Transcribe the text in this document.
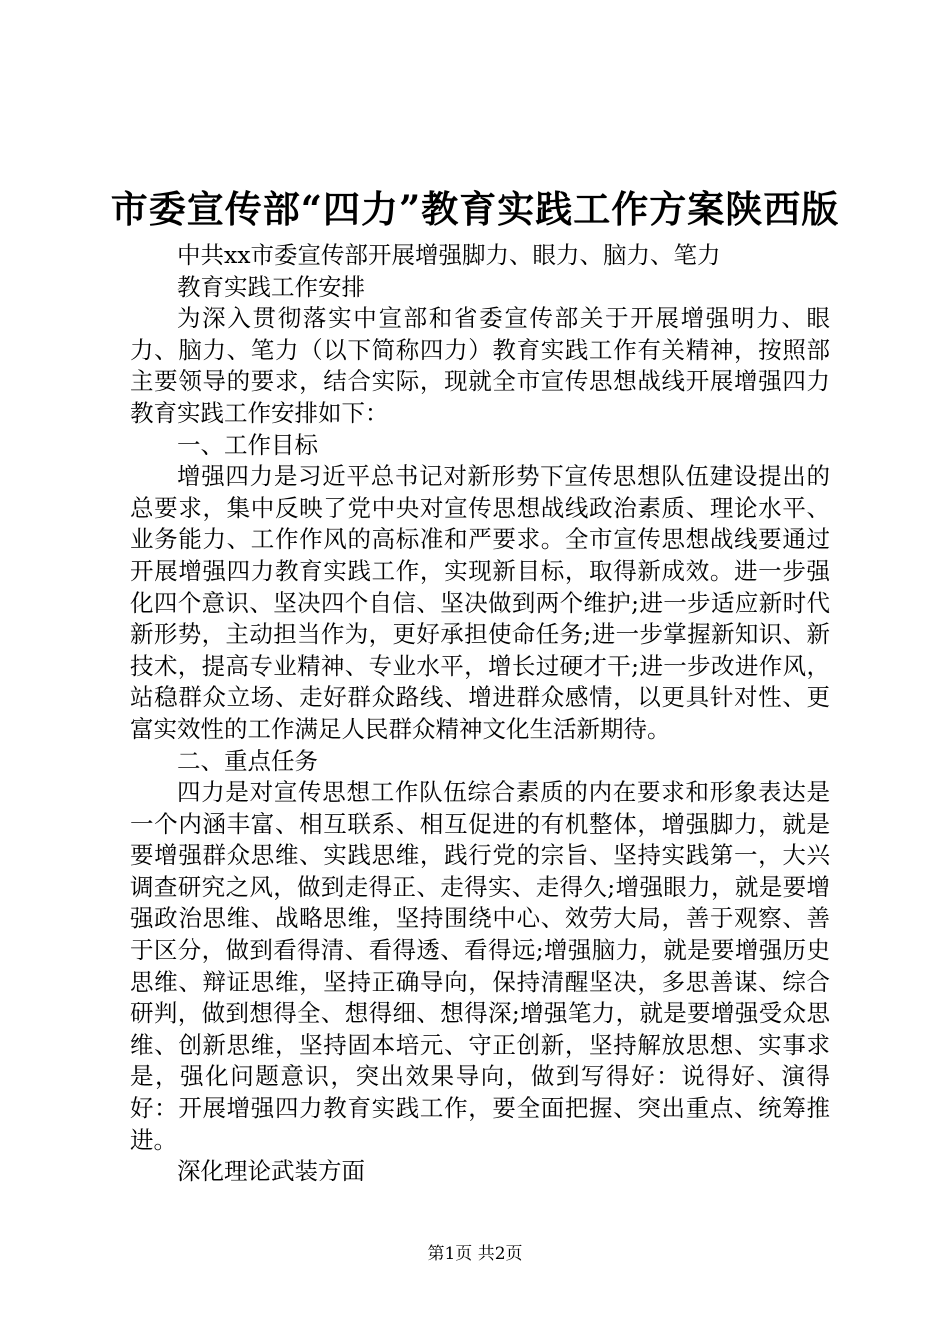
市委宣传部“四力”教育实践工作方案陕西版

中共xx市委宣传部开展增强脚力、眼力、脑力、笔力

教育实践工作安排

为深入贯彻落实中宣部和省委宣传部关于开展增强明力、眼力、脑力、笔力（以下简称四力）教育实践工作有关精神，按照部主要领导的要求，结合实际，现就全市宣传思想战线开展增强四力教育实践工作安排如下：

一、工作目标

增强四力是习近平总书记对新形势下宣传思想队伍建设提出的总要求，集中反映了党中央对宣传思想战线政治素质、理论水平、业务能力、工作作风的高标准和严要求。全市宣传思想战线要通过开展增强四力教育实践工作，实现新目标，取得新成效。进一步强化四个意识、坚决四个自信、坚决做到两个维护;进一步适应新时代新形势，主动担当作为，更好承担使命任务;进一步掌握新知识、新技术，提高专业精神、专业水平，增长过硬才干;进一步改进作风，站稳群众立场、走好群众路线、增进群众感情，以更具针对性、更富实效性的工作满足人民群众精神文化生活新期待。

二、重点任务

四力是对宣传思想工作队伍综合素质的内在要求和形象表达是一个内涵丰富、相互联系、相互促进的有机整体，增强脚力，就是要增强群众思维、实践思维，践行党的宗旨、坚持实践第一，大兴调查研究之风，做到走得正、走得实、走得久;增强眼力，就是要增强政治思维、战略思维，坚持围绕中心、效劳大局，善于观察、善于区分，做到看得清、看得透、看得远;增强脑力，就是要增强历史思维、辩证思维，坚持正确导向，保持清醒坚决，多思善谋、综合研判，做到想得全、想得细、想得深;增强笔力，就是要增强受众思维、创新思维，坚持固本培元、守正创新，坚持解放思想、实事求是，强化问题意识，突出效果导向，做到写得好：说得好、演得好：开展增强四力教育实践工作，要全面把握、突出重点、统筹推进。

深化理论武装方面

第1页 共2页
